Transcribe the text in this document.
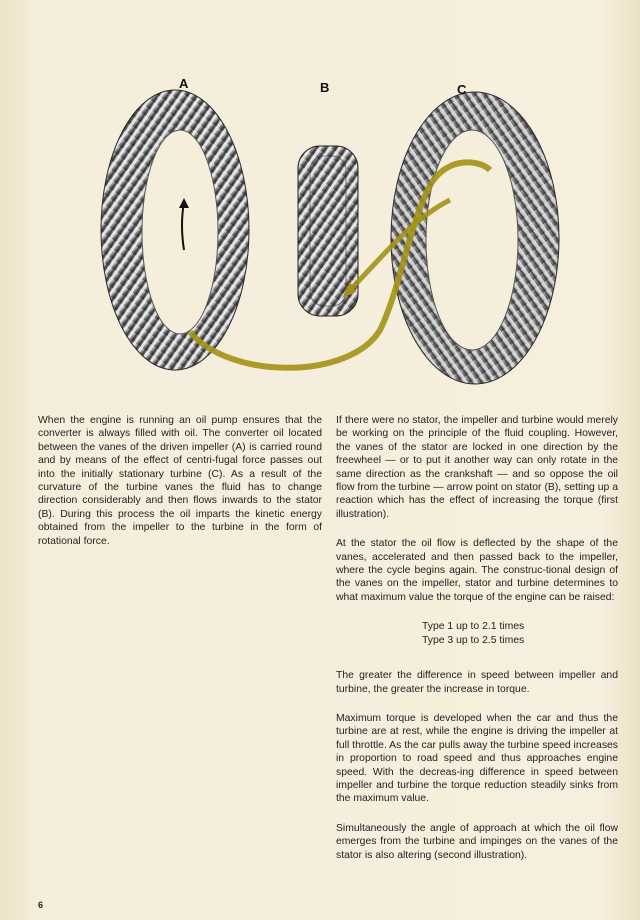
A	B	C

When the engine is running an oil pump ensures that the converter is always filled with oil. The converter oil located between the vanes of the driven impeller (A) is carried round and by means of the effect of centri-fugal force passes out into the initially stationary turbine (C). As a result of the curvature of the turbine vanes the fluid has to change direction considerably and then flows inwards to the stator (B). During this process the oil imparts the kinetic energy obtained from the impeller to the turbine in the form of rotational force.

If there were no stator, the impeller and turbine would merely be working on the principle of the fluid coupling. However, the vanes of the stator are locked in one direction by the freewheel — or to put it another way can only rotate in the same direction as the crankshaft — and so oppose the oil flow from the turbine — arrow point on stator (B), setting up a reaction which has the effect of increasing the torque (first illustration).

At the stator the oil flow is deflected by the shape of the vanes, accelerated and then passed back to the impeller, where the cycle begins again. The construc-tional design of the vanes on the impeller, stator and turbine determines to what maximum value the torque of the engine can be raised:

Type 1 up to 2.1 times
Type 3 up to 2.5 times

The greater the difference in speed between impeller and turbine, the greater the increase in torque.

Maximum torque is developed when the car and thus the turbine are at rest, while the engine is driving the impeller at full throttle. As the car pulls away the turbine speed increases in proportion to road speed and thus approaches engine speed. With the decreas-ing difference in speed between impeller and turbine the torque reduction steadily sinks from the maximum value.

Simultaneously the angle of approach at which the oil flow emerges from the turbine and impinges on the vanes of the stator is also altering (second illustration).

6
